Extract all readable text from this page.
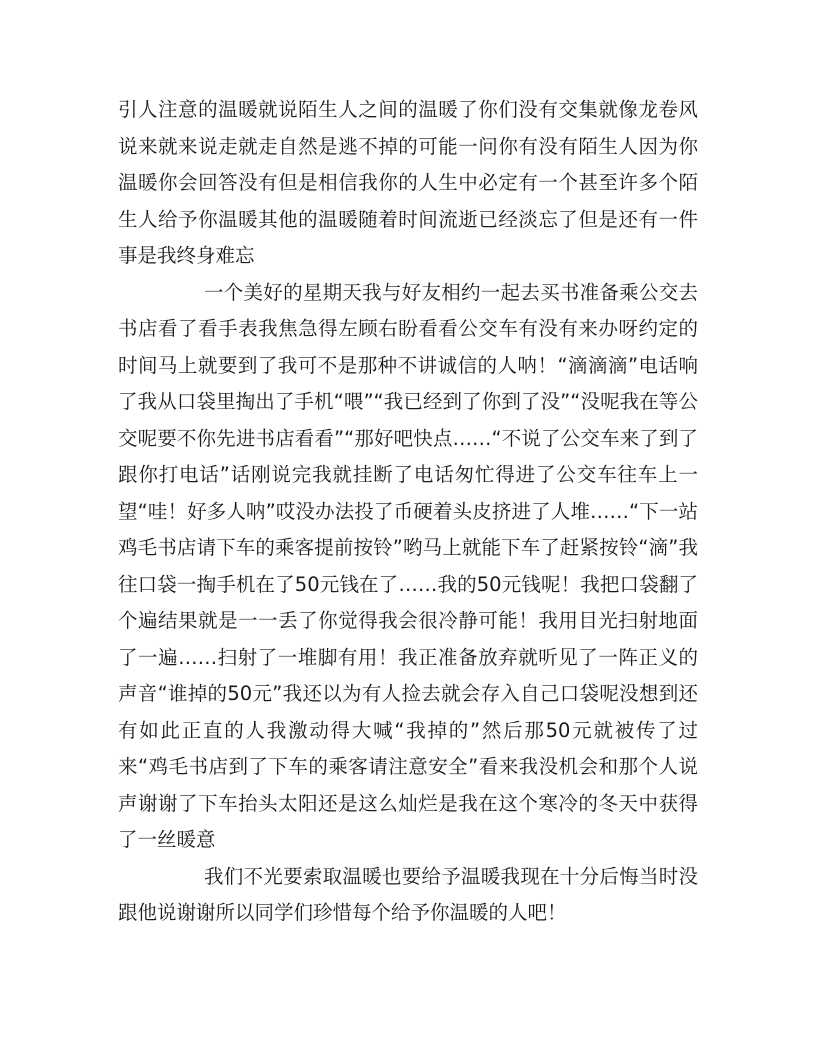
引人注意的温暖就说陌生人之间的温暖了你们没有交集就像龙卷风说来就来说走就走自然是逃不掉的可能一问你有没有陌生人因为你温暖你会回答没有但是相信我你的人生中必定有一个甚至许多个陌生人给予你温暖其他的温暖随着时间流逝已经淡忘了但是还有一件事是我终身难忘

一个美好的星期天我与好友相约一起去买书准备乘公交去书店看了看手表我焦急得左顾右盼看看公交车有没有来办呀约定的时间马上就要到了我可不是那种不讲诚信的人呐！“滴滴滴”电话响了我从口袋里掏出了手机“喂”“我已经到了你到了没”“没呢我在等公交呢要不你先进书店看看”“那好吧快点……“不说了公交车来了到了跟你打电话”话刚说完我就挂断了电话匆忙得进了公交车往车上一望“哇！好多人呐”哎没办法投了币硬着头皮挤进了人堆……“下一站鸡毛书店请下车的乘客提前按铃”哟马上就能下车了赶紧按铃“滴”我往口袋一掏手机在了50元钱在了……我的50元钱呢！我把口袋翻了个遍结果就是一一丢了你觉得我会很冷静可能！我用目光扫射地面了一遍……扫射了一堆脚有用！我正准备放弃就听见了一阵正义的声音“谁掉的50元”我还以为有人捡去就会存入自己口袋呢没想到还有如此正直的人我激动得大喊“我掉的”然后那50元就被传了过来“鸡毛书店到了下车的乘客请注意安全”看来我没机会和那个人说声谢谢了下车抬头太阳还是这么灿烂是我在这个寒冷的冬天中获得了一丝暖意

我们不光要索取温暖也要给予温暖我现在十分后悔当时没跟他说谢谢所以同学们珍惜每个给予你温暖的人吧！
